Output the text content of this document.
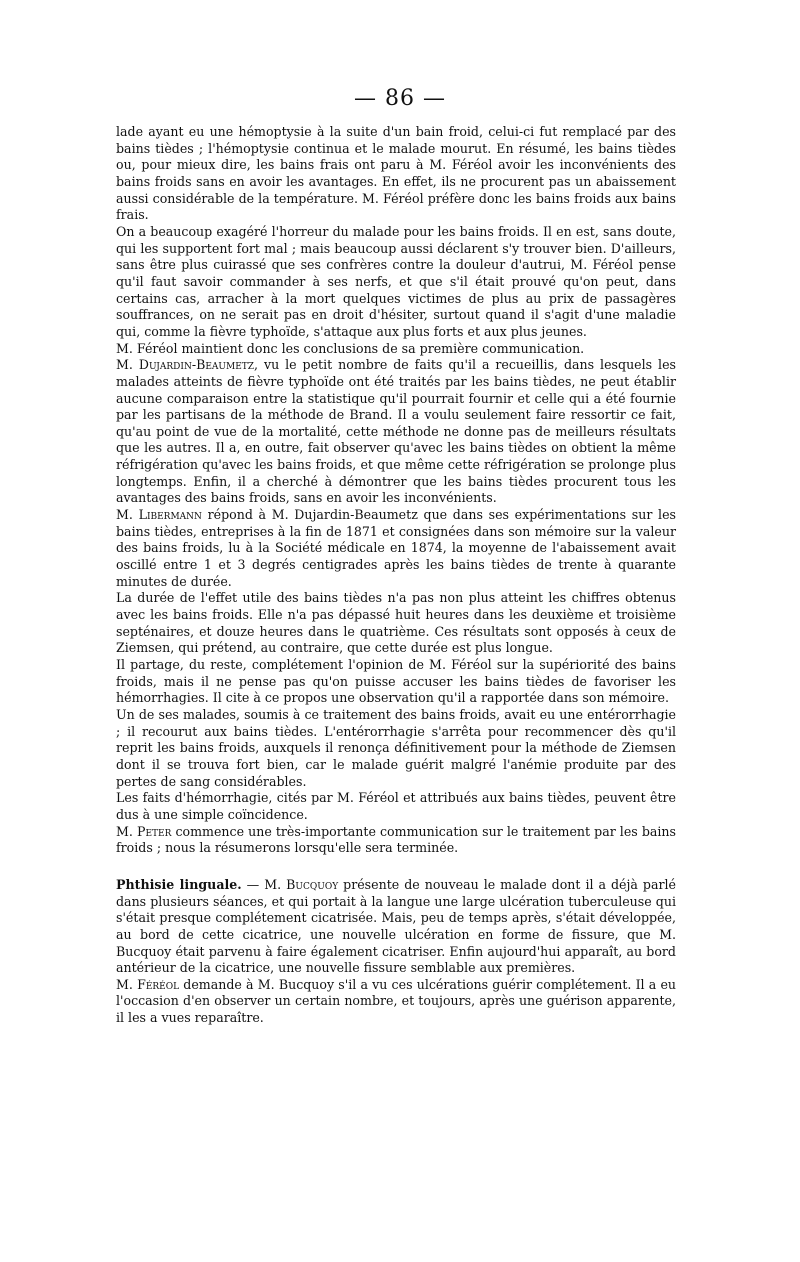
— 86 —

lade ayant eu une hémoptysie à la suite d'un bain froid, celui-ci fut remplacé par des bains tièdes ; l'hémoptysie continua et le malade mourut. En résumé, les bains tièdes ou, pour mieux dire, les bains frais ont paru à M. Féréol avoir les inconvénients des bains froids sans en avoir les avantages. En effet, ils ne procurent pas un abaissement aussi considérable de la température. M. Féréol préfère donc les bains froids aux bains frais.

On a beaucoup exagéré l'horreur du malade pour les bains froids. Il en est, sans doute, qui les supportent fort mal ; mais beaucoup aussi déclarent s'y trouver bien. D'ailleurs, sans être plus cuirassé que ses confrères contre la douleur d'autrui, M. Féréol pense qu'il faut savoir commander à ses nerfs, et que s'il était prouvé qu'on peut, dans certains cas, arracher à la mort quelques victimes de plus au prix de passagères souffrances, on ne serait pas en droit d'hésiter, surtout quand il s'agit d'une maladie qui, comme la fièvre typhoïde, s'attaque aux plus forts et aux plus jeunes.

M. Féréol maintient donc les conclusions de sa première communication.

M. Dujardin-Beaumetz, vu le petit nombre de faits qu'il a recueillis, dans lesquels les malades atteints de fièvre typhoïde ont été traités par les bains tièdes, ne peut établir aucune comparaison entre la statistique qu'il pourrait fournir et celle qui a été fournie par les partisans de la méthode de Brand. Il a voulu seulement faire ressortir ce fait, qu'au point de vue de la mortalité, cette méthode ne donne pas de meilleurs résultats que les autres. Il a, en outre, fait observer qu'avec les bains tièdes on obtient la même réfrigération qu'avec les bains froids, et que même cette réfrigération se prolonge plus longtemps. Enfin, il a cherché à démontrer que les bains tièdes procurent tous les avantages des bains froids, sans en avoir les inconvénients.

M. Libermann répond à M. Dujardin-Beaumetz que dans ses expérimentations sur les bains tièdes, entreprises à la fin de 1871 et consignées dans son mémoire sur la valeur des bains froids, lu à la Société médicale en 1874, la moyenne de l'abaissement avait oscillé entre 1 et 3 degrés centigrades après les bains tièdes de trente à quarante minutes de durée.

La durée de l'effet utile des bains tièdes n'a pas non plus atteint les chiffres obtenus avec les bains froids. Elle n'a pas dépassé huit heures dans les deuxième et troisième septénaires, et douze heures dans le quatrième. Ces résultats sont opposés à ceux de Ziemsen, qui prétend, au contraire, que cette durée est plus longue.

Il partage, du reste, complétement l'opinion de M. Féréol sur la supériorité des bains froids, mais il ne pense pas qu'on puisse accuser les bains tièdes de favoriser les hémorrhagies. Il cite à ce propos une observation qu'il a rapportée dans son mémoire.

Un de ses malades, soumis à ce traitement des bains froids, avait eu une entérorrhagie ; il recourut aux bains tièdes. L'entérorrhagie s'arrêta pour recommencer dès qu'il reprit les bains froids, auxquels il renonça définitivement pour la méthode de Ziemsen dont il se trouva fort bien, car le malade guérit malgré l'anémie produite par des pertes de sang considérables.

Les faits d'hémorrhagie, cités par M. Féréol et attribués aux bains tièdes, peuvent être dus à une simple coïncidence.

M. Peter commence une très-importante communication sur le traitement par les bains froids ; nous la résumerons lorsqu'elle sera terminée.

Phthisie linguale. — M. Bucquoy présente de nouveau le malade dont il a déjà parlé dans plusieurs séances, et qui portait à la langue une large ulcération tuberculeuse qui s'était presque complétement cicatrisée. Mais, peu de temps après, s'était développée, au bord de cette cicatrice, une nouvelle ulcération en forme de fissure, que M. Bucquoy était parvenu à faire également cicatriser. Enfin aujourd'hui apparaît, au bord antérieur de la cicatrice, une nouvelle fissure semblable aux premières.

M. Féréol demande à M. Bucquoy s'il a vu ces ulcérations guérir complétement. Il a eu l'occasion d'en observer un certain nombre, et toujours, après une guérison apparente, il les a vues reparaître.
